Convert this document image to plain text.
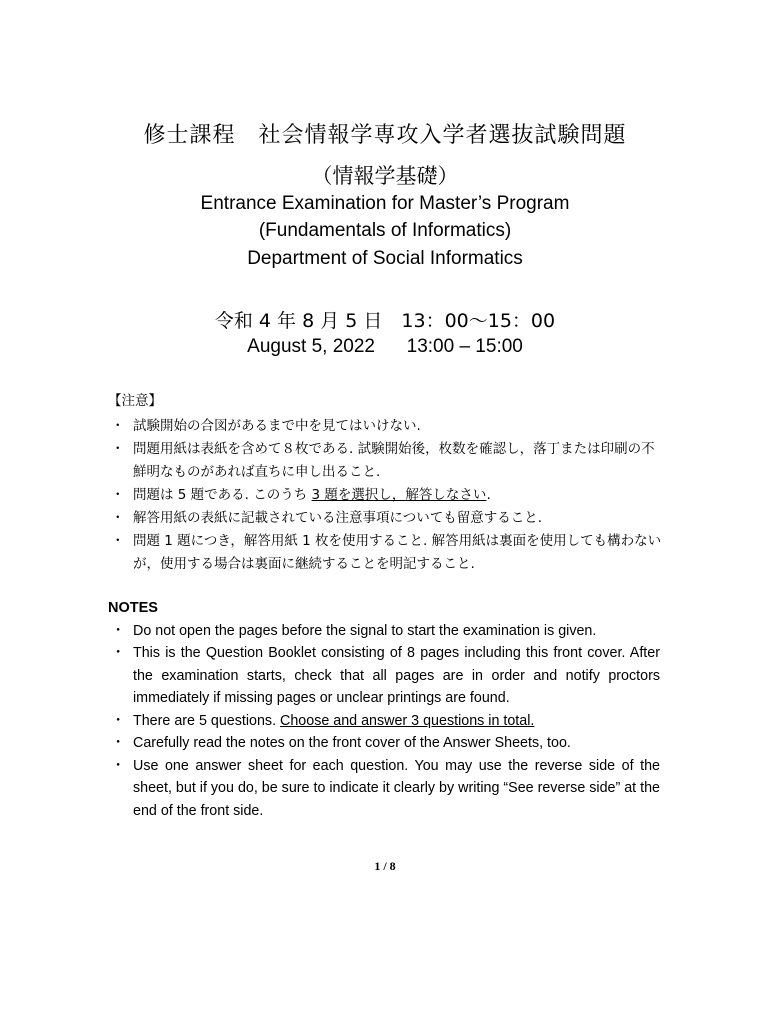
修士課程　社会情報学専攻入学者選抜試験問題
（情報学基礎）
Entrance Examination for Master’s Program
(Fundamentals of Informatics)
Department of Social Informatics
令和 4 年 8 月 5 日　13：00～15：00
August 5, 2022      13:00 – 15:00
【注意】
・ 試験開始の合図があるまで中を見てはいけない.
・ 問題用紙は表紙を含めて８枚である. 試験開始後，枚数を確認し，落丁または印刷の不鮮明なものがあれば直ちに申し出ること.
・ 問題は 5 題である. このうち 3 題を選択し，解答しなさい.
・ 解答用紙の表紙に記載されている注意事項についても留意すること.
・ 問題 1 題につき，解答用紙 1 枚を使用すること. 解答用紙は裏面を使用しても構わないが，使用する場合は裏面に継続することを明記すること.
NOTES
・ Do not open the pages before the signal to start the examination is given.
・ This is the Question Booklet consisting of 8 pages including this front cover. After the examination starts, check that all pages are in order and notify proctors immediately if missing pages or unclear printings are found.
・ There are 5 questions. Choose and answer 3 questions in total.
・ Carefully read the notes on the front cover of the Answer Sheets, too.
・ Use one answer sheet for each question. You may use the reverse side of the sheet, but if you do, be sure to indicate it clearly by writing “See reverse side” at the end of the front side.
1 / 8
